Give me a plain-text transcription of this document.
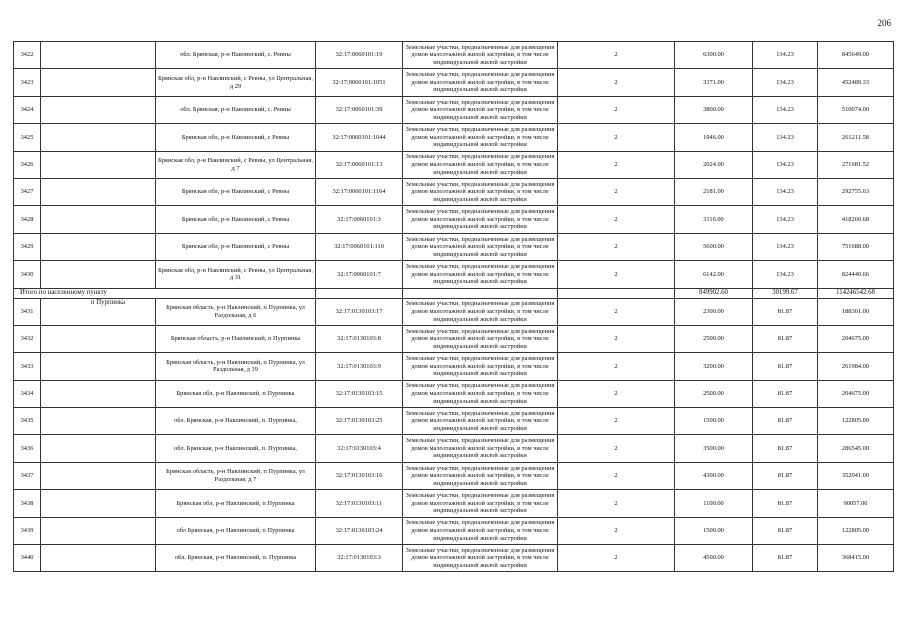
206
3422		обл. Брянская, р-н Навлинский, с. Ревны	32:17:0060101:19	Земельные участки, предназначенные для размещения домов малоэтажной жилой застройки, в том числе индивидуальной жилой застройки	2	6300.00	134.23	845649.00
3423		Брянская обл, р-н Навлинский, с Ревны, ул Центральная, д 29	32:17:0060101:1051	Земельные участки, предназначенные для размещения домов малоэтажной жилой застройки, в том числе индивидуальной жилой застройки	2	3371.00	134.23	452489.33
3424		обл. Брянская, р-н Навлинский, с. Ревны	32:17:0060101:39	Земельные участки, предназначенные для размещения домов малоэтажной жилой застройки, в том числе индивидуальной жилой застройки	2	3800.00	134.23	510074.00
3425		Брянская обл, р-н Навлинский, с Ревны	32:17:0060101:1044	Земельные участки, предназначенные для размещения домов малоэтажной жилой застройки, в том числе индивидуальной жилой застройки	2	1946.00	134.23	261211.58
3426		Брянская обл, р-н Навлинский, с Ревны, ул Центральная, д 7	32:17:0060101:13	Земельные участки, предназначенные для размещения домов малоэтажной жилой застройки, в том числе индивидуальной жилой застройки	2	2024.00	134.23	271681.52
3427		Брянская обл, р-н Навлинский, с Ревны	32:17:0060101:1164	Земельные участки, предназначенные для размещения домов малоэтажной жилой застройки, в том числе индивидуальной жилой застройки	2	2181.00	134.23	292755.63
3428		Брянская обл, р-н Навлинский, с Ревны	32:17:0060101:3	Земельные участки, предназначенные для размещения домов малоэтажной жилой застройки, в том числе индивидуальной жилой застройки	2	3116.00	134.23	418260.68
3429		Брянская обл, р-н Навлинский, с Ревны	32:17:0060101:110	Земельные участки, предназначенные для размещения домов малоэтажной жилой застройки, в том числе индивидуальной жилой застройки	2	5600.00	134.23	751688.00
3430		Брянская обл, р-н Навлинский, с Ревны, ул Центральная, д 31	32:17:0060101:7	Земельные участки, предназначенные для размещения домов малоэтажной жилой застройки, в том числе индивидуальной жилой застройки	2	6142.00	134.23	824440.66
Итого по населенному пункту						849902.60	30199.67	114246542.68
3431	п Пурпинка	Брянская область, р-н Навлинский, п Пурпинка, ул Раздольная, д 6	32:17:0130103:17	Земельные участки, предназначенные для размещения домов малоэтажной жилой застройки, в том числе индивидуальной жилой застройки	2	2300.00	81.87	188301.00
3432		Брянская область, р-н Навлинский, п Пурпинка	32:17:0130103:8	Земельные участки, предназначенные для размещения домов малоэтажной жилой застройки, в том числе индивидуальной жилой застройки	2	2500.00	81.87	204675.00
3433		Брянская область, р-н Навлинский, п Пурпинка, ул Раздольная, д 19	32:17:0130103:9	Земельные участки, предназначенные для размещения домов малоэтажной жилой застройки, в том числе индивидуальной жилой застройки	2	3200.00	81.87	261984.00
3434		Брянская обл, р-н Навлинский, п Пурпинка	32:17:0130103:15	Земельные участки, предназначенные для размещения домов малоэтажной жилой застройки, в том числе индивидуальной жилой застройки	2	2500.00	81.87	204675.00
3435		обл. Брянская, р-н Навлинский, п. Пурпинка,	32:17:0130103:25	Земельные участки, предназначенные для размещения домов малоэтажной жилой застройки, в том числе индивидуальной жилой застройки	2	1500.00	81.87	122805.00
3436		обл. Брянская, р-н Навлинский, п. Пурпинка,	32:17:0130103:4	Земельные участки, предназначенные для размещения домов малоэтажной жилой застройки, в том числе индивидуальной жилой застройки	2	3500.00	81.87	286545.00
3437		Брянская область, р-н Навлинский, п Пурпинка, ул Раздольная, д 7	32:17:0130103:16	Земельные участки, предназначенные для размещения домов малоэтажной жилой застройки, в том числе индивидуальной жилой застройки	2	4300.00	81.87	352041.00
3438		Брянская обл, р-н Навлинский, п Пурпинка	32:17:0130103:11	Земельные участки, предназначенные для размещения домов малоэтажной жилой застройки, в том числе индивидуальной жилой застройки	2	1100.00	81.87	90057.00
3439		обл Брянская, р-н Навлинский, п Пурпинка	32:17:0130103:24	Земельные участки, предназначенные для размещения домов малоэтажной жилой застройки, в том числе индивидуальной жилой застройки	2	1500.00	81.87	122805.00
3440		обл. Брянская, р-н Навлинский, п. Пурпинка	32:17:0130103:3	Земельные участки, предназначенные для размещения домов малоэтажной жилой застройки, в том числе индивидуальной жилой застройки	2	4500.00	81.87	368415.00
